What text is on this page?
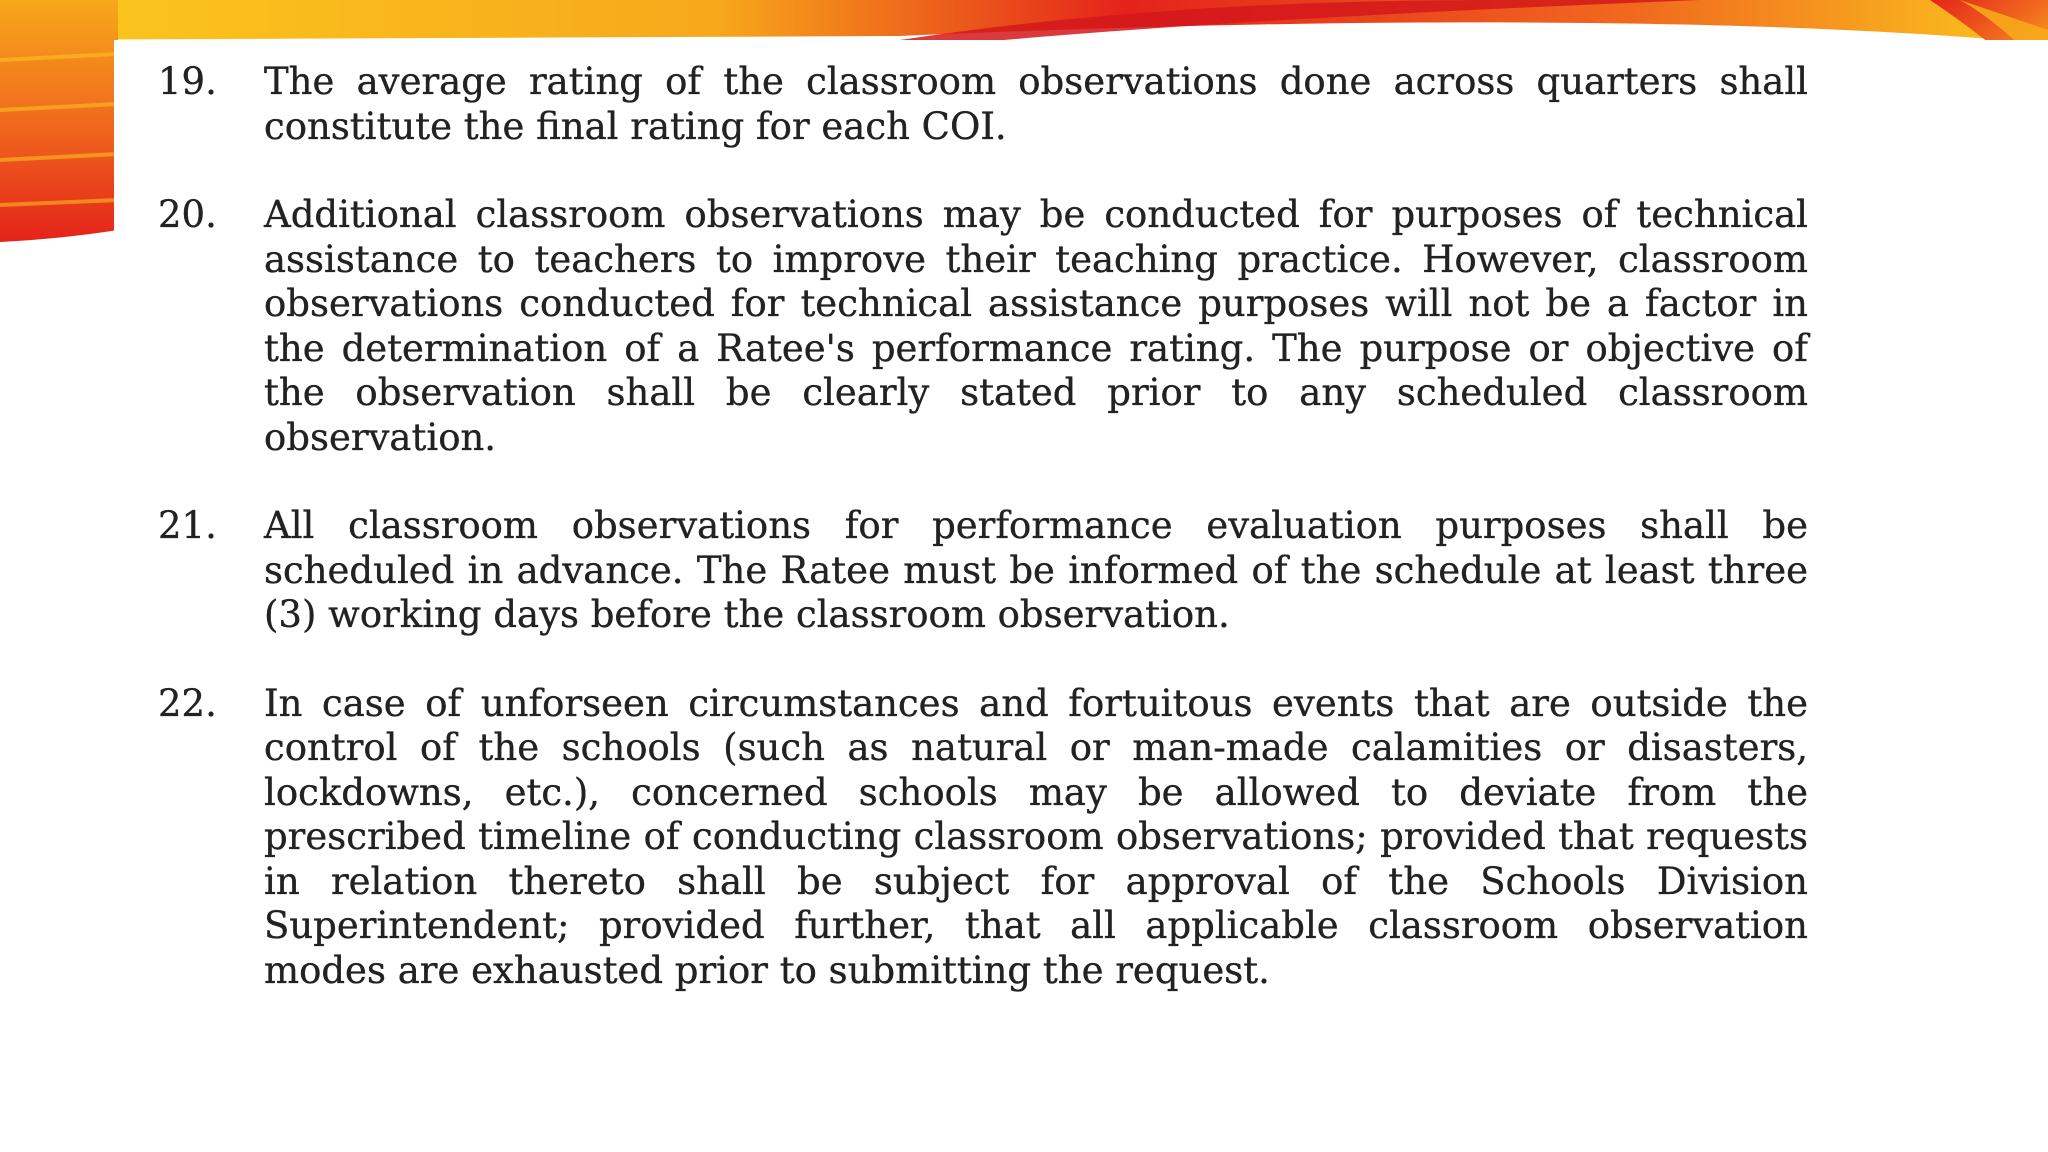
19.	The average rating of the classroom observations done across quarters shall constitute the final rating for each COI.
20.	Additional classroom observations may be conducted for purposes of technical assistance to teachers to improve their teaching practice. However, classroom observations conducted for technical assistance purposes will not be a factor in the determination of a Ratee's performance rating. The purpose or objective of the observation shall be clearly stated prior to any scheduled classroom observation.
21.	All classroom observations for performance evaluation purposes shall be scheduled in advance. The Ratee must be informed of the schedule at least three (3) working days before the classroom observation.
22.	In case of unforseen circumstances and fortuitous events that are outside the control of the schools (such as natural or man-made calamities or disasters, lockdowns, etc.), concerned schools may be allowed to deviate from the prescribed timeline of conducting classroom observations; provided that requests in relation thereto shall be subject for approval of the Schools Division Superintendent; provided further, that all applicable classroom observation modes are exhausted prior to submitting the request.
